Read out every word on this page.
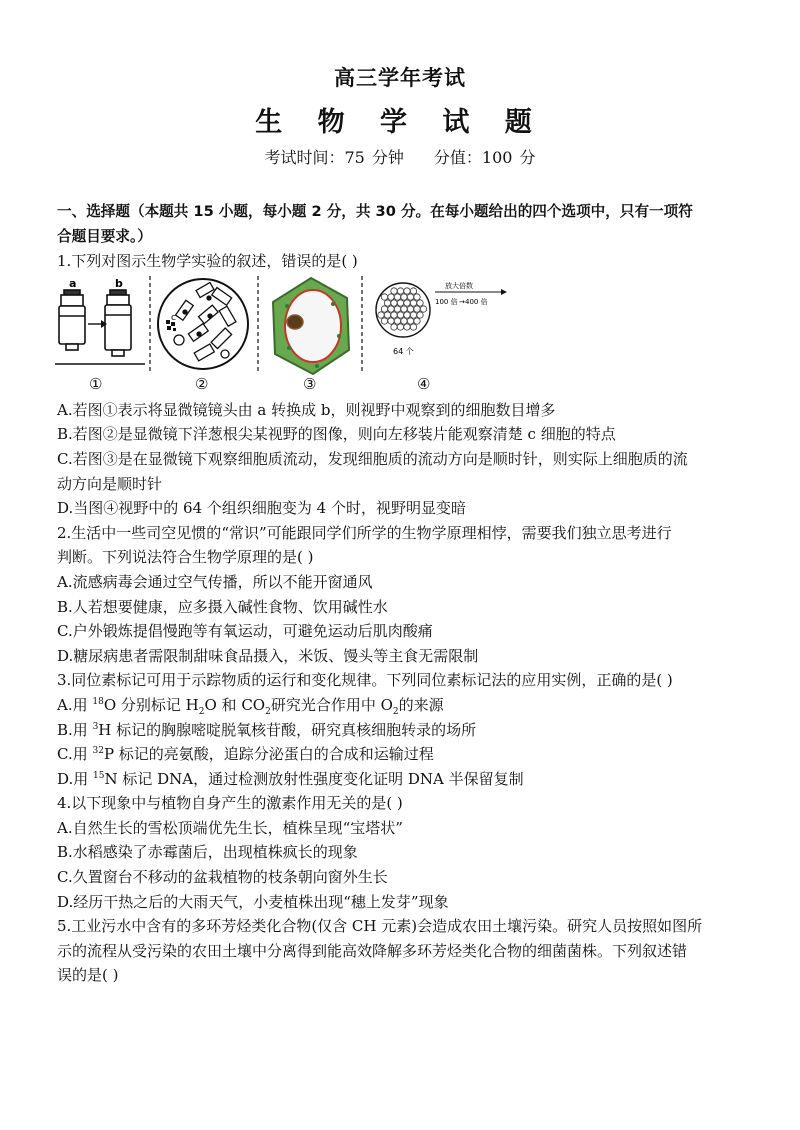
高三学年考试
生 物 学 试 题
考试时间：75 分钟 分值：100 分
一、选择题（本题共 15 小题，每小题 2 分，共 30 分。在每小题给出的四个选项中，只有一项符
合题目要求。）
1.下列对图示生物学实验的叙述，错误的是( )
a	b
c
放大倍数
100 倍 400 倍
→
64 个
①	②	③	④
A.若图①表示将显微镜镜头由 a 转换成 b，则视野中观察到的细胞数目增多
B.若图②是显微镜下洋葱根尖某视野的图像，则向左移装片能观察清楚 c 细胞的特点
C.若图③是在显微镜下观察细胞质流动，发现细胞质的流动方向是顺时针，则实际上细胞质的流
动方向是顺时针
D.当图④视野中的 64 个组织细胞变为 4 个时，视野明显变暗
2.生活中一些司空见惯的“常识”可能跟同学们所学的生物学原理相悖，需要我们独立思考进行
判断。下列说法符合生物学原理的是( )
A.流感病毒会通过空气传播，所以不能开窗通风
B.人若想要健康，应多摄入碱性食物、饮用碱性水
C.户外锻炼提倡慢跑等有氧运动，可避免运动后肌肉酸痛
D.糖尿病患者需限制甜味食品摄入，米饭、馒头等主食无需限制
3.同位素标记可用于示踪物质的运行和变化规律。下列同位素标记法的应用实例，正确的是( )
A.用 $^{18}$O 分别标记 $H_2O$ 和 $CO_2$研究光合作用中 $O_2$的来源
B.用 $^3$H 标记的胸腺嘧啶脱氧核苷酸，研究真核细胞转录的场所
C.用 $^{32}$P 标记的亮氨酸，追踪分泌蛋白的合成和运输过程
D.用 $^{15}$N 标记 DNA，通过检测放射性强度变化证明 DNA 半保留复制
4.以下现象中与植物自身产生的激素作用无关的是( )
A.自然生长的雪松顶端优先生长，植株呈现“宝塔状”
B.水稻感染了赤霉菌后，出现植株疯长的现象
C.久置窗台不移动的盆栽植物的枝条朝向窗外生长
D.经历干热之后的大雨天气，小麦植株出现“穗上发芽”现象
5.工业污水中含有的多环芳烃类化合物(仅含 CH 元素)会造成农田土壤污染。研究人员按照如图所
示的流程从受污染的农田土壤中分离得到能高效降解多环芳烃类化合物的细菌菌株。下列叙述错
误的是( )
